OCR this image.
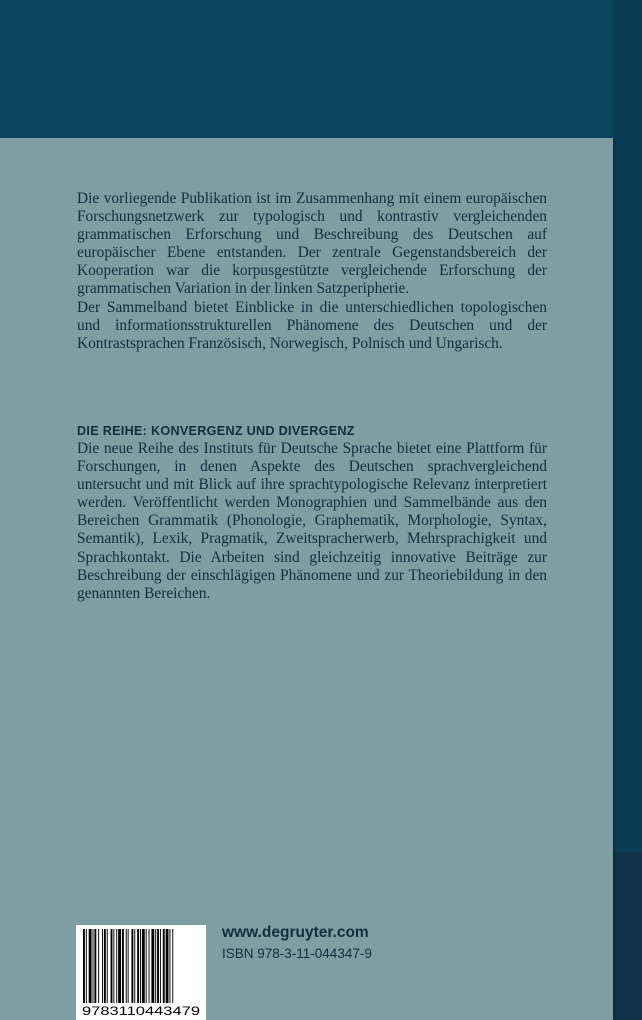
Die vorliegende Publikation ist im Zusammenhang mit einem europäischen Forschungsnetzwerk zur typologisch und kontrastiv vergleichenden grammatischen Erforschung und Beschreibung des Deutschen auf europäischer Ebene entstanden. Der zentrale Gegenstandsbereich der Kooperation war die korpusgestützte vergleichende Erforschung der grammatischen Variation in der linken Satzperipherie.

Der Sammelband bietet Einblicke in die unterschiedlichen topologischen und informationsstrukturellen Phänomene des Deutschen und der Kontrastsprachen Französisch, Norwegisch, Polnisch und Ungarisch.

DIE REIHE: KONVERGENZ UND DIVERGENZ

Die neue Reihe des Instituts für Deutsche Sprache bietet eine Plattform für Forschungen, in denen Aspekte des Deutschen sprachvergleichend untersucht und mit Blick auf ihre sprachtypologische Relevanz interpretiert werden. Veröffentlicht werden Monographien und Sammelbände aus den Bereichen Grammatik (Phonologie, Graphematik, Morphologie, Syntax, Semantik), Lexik, Pragmatik, Zweitspracherwerb, Mehrsprachigkeit und Sprachkontakt. Die Arbeiten sind gleichzeitig innovative Beiträge zur Beschreibung der einschlägigen Phänomene und zur Theoriebildung in den genannten Bereichen.

9783110443479
www.degruyter.com
ISBN 978-3-11-044347-9
